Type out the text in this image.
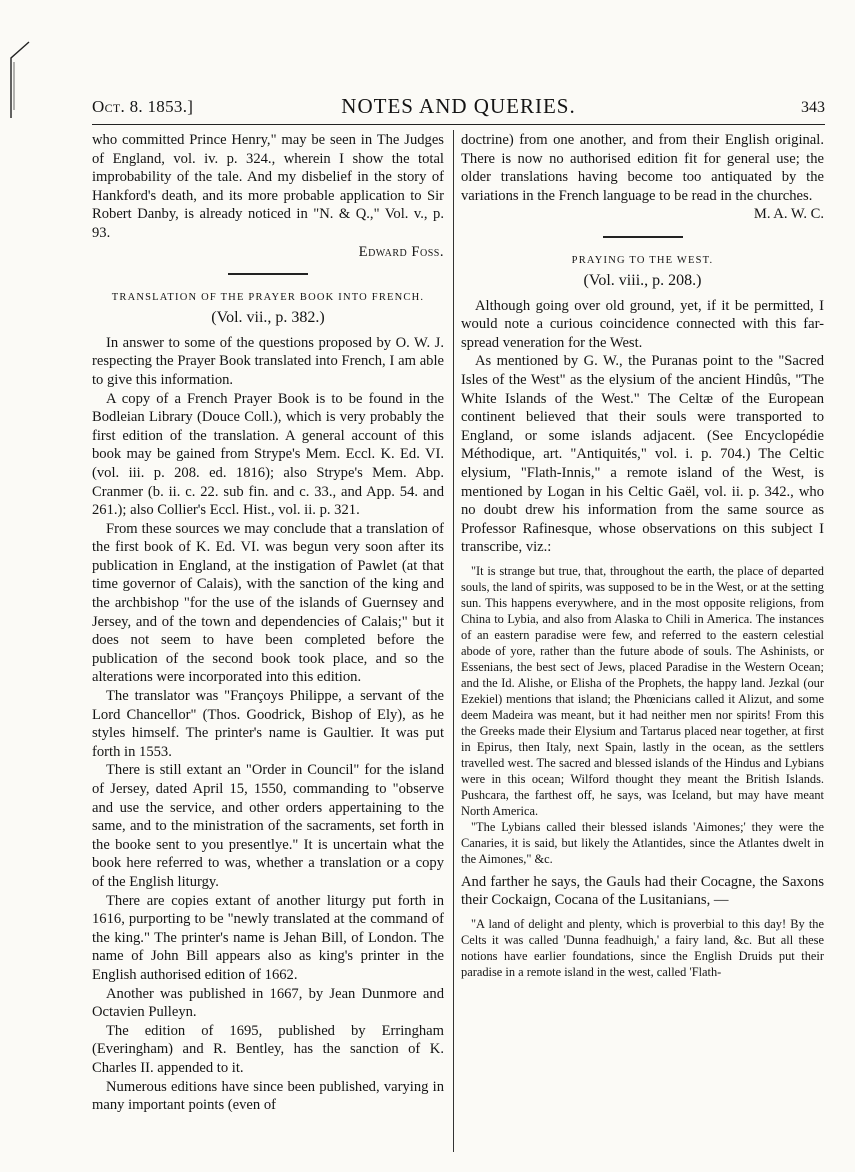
Oct. 8. 1853.]	NOTES AND QUERIES.	343

who committed Prince Henry," may be seen in The Judges of England, vol. iv. p. 324., wherein I show the total improbability of the tale. And my disbelief in the story of Hankford's death, and its more probable application to Sir Robert Danby, is already noticed in "N. & Q.," Vol. v., p. 93.

Edward Foss.

TRANSLATION OF THE PRAYER BOOK INTO FRENCH.
(Vol. vii., p. 382.)

In answer to some of the questions proposed by O. W. J. respecting the Prayer Book translated into French, I am able to give this information.

A copy of a French Prayer Book is to be found in the Bodleian Library (Douce Coll.), which is very probably the first edition of the translation. A general account of this book may be gained from Strype's Mem. Eccl. K. Ed. VI. (vol. iii. p. 208. ed. 1816); also Strype's Mem. Abp. Cranmer (b. ii. c. 22. sub fin. and c. 33., and App. 54. and 261.); also Collier's Eccl. Hist., vol. ii. p. 321.

From these sources we may conclude that a translation of the first book of K. Ed. VI. was begun very soon after its publication in England, at the instigation of Pawlet (at that time governor of Calais), with the sanction of the king and the archbishop "for the use of the islands of Guernsey and Jersey, and of the town and dependencies of Calais;" but it does not seem to have been completed before the publication of the second book took place, and so the alterations were incorporated into this edition.

The translator was "Françoys Philippe, a servant of the Lord Chancellor" (Thos. Goodrick, Bishop of Ely), as he styles himself. The printer's name is Gaultier. It was put forth in 1553.

There is still extant an "Order in Council" for the island of Jersey, dated April 15, 1550, commanding to "observe and use the service, and other orders appertaining to the same, and to the ministration of the sacraments, set forth in the booke sent to you presentlye." It is uncertain what the book here referred to was, whether a translation or a copy of the English liturgy.

There are copies extant of another liturgy put forth in 1616, purporting to be "newly translated at the command of the king." The printer's name is Jehan Bill, of London. The name of John Bill appears also as king's printer in the English authorised edition of 1662.

Another was published in 1667, by Jean Dunmore and Octavien Pulleyn.

The edition of 1695, published by Erringham (Everingham) and R. Bentley, has the sanction of K. Charles II. appended to it.

Numerous editions have since been published, varying in many important points (even of

doctrine) from one another, and from their English original. There is now no authorised edition fit for general use; the older translations having become too antiquated by the variations in the French language to be read in the churches.

M. A. W. C.

PRAYING TO THE WEST.
(Vol. viii., p. 208.)

Although going over old ground, yet, if it be permitted, I would note a curious coincidence connected with this far-spread veneration for the West.

As mentioned by G. W., the Puranas point to the "Sacred Isles of the West" as the elysium of the ancient Hindûs, "The White Islands of the West." The Celtæ of the European continent believed that their souls were transported to England, or some islands adjacent. (See Encyclopédie Méthodique, art. "Antiquités," vol. i. p. 704.) The Celtic elysium, "Flath-Innis," a remote island of the West, is mentioned by Logan in his Celtic Gaël, vol. ii. p. 342., who no doubt drew his information from the same source as Professor Rafinesque, whose observations on this subject I transcribe, viz.:

"It is strange but true, that, throughout the earth, the place of departed souls, the land of spirits, was supposed to be in the West, or at the setting sun. This happens everywhere, and in the most opposite religions, from China to Lybia, and also from Alaska to Chili in America. The instances of an eastern paradise were few, and referred to the eastern celestial abode of yore, rather than the future abode of souls. The Ashinists, or Essenians, the best sect of Jews, placed Paradise in the Western Ocean; and the Id. Alishe, or Elisha of the Prophets, the happy land. Jezkal (our Ezekiel) mentions that island; the Phœnicians called it Alizut, and some deem Madeira was meant, but it had neither men nor spirits! From this the Greeks made their Elysium and Tartarus placed near together, at first in Epirus, then Italy, next Spain, lastly in the ocean, as the settlers travelled west. The sacred and blessed islands of the Hindus and Lybians were in this ocean; Wilford thought they meant the British Islands. Pushcara, the farthest off, he says, was Iceland, but may have meant North America.

"The Lybians called their blessed islands 'Aimones;' they were the Canaries, it is said, but likely the Atlantides, since the Atlantes dwelt in the Aimones," &c.

And farther he says, the Gauls had their Cocagne, the Saxons their Cockaign, Cocana of the Lusitanians, —

"A land of delight and plenty, which is proverbial to this day! By the Celts it was called 'Dunna feadhuigh,' a fairy land, &c. But all these notions have earlier foundations, since the English Druids put their paradise in a remote island in the west, called 'Flath-
